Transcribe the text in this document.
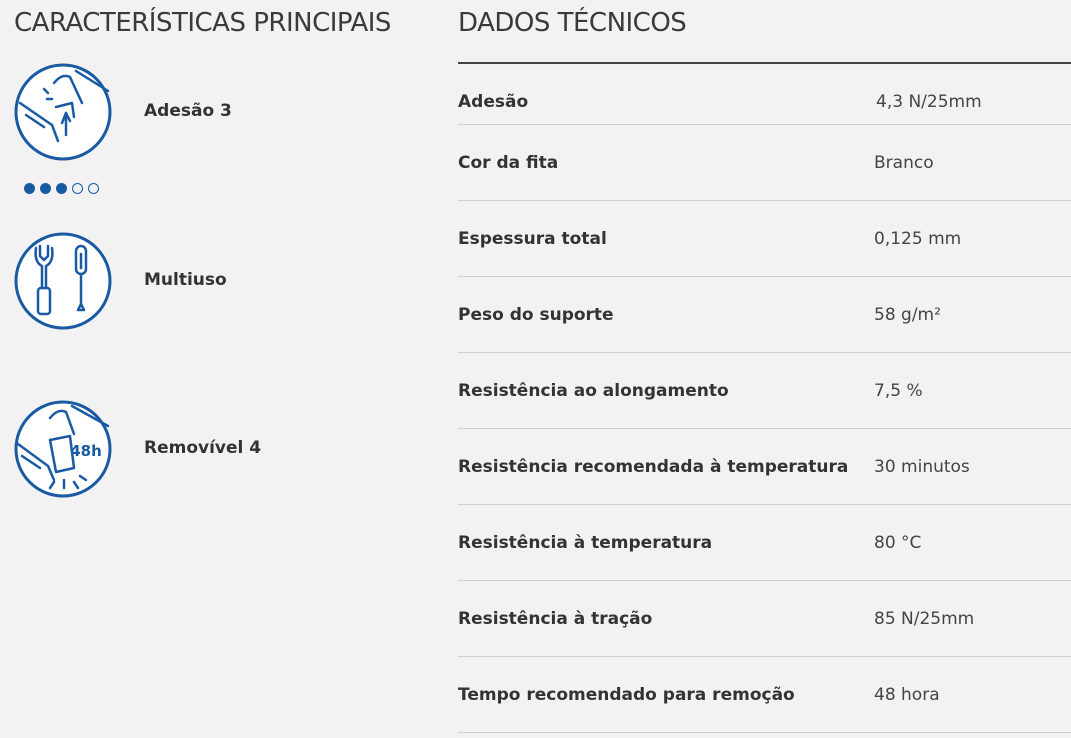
CARACTERÍSTICAS PRINCIPAIS	DADOS TÉCNICOS
Adesão 3
Multiuso
48h Removível 4
Adesão	4,3 N/25mm
Cor da fita	Branco
Espessura total	0,125 mm
Peso do suporte	58 g/m²
Resistência ao alongamento	7,5 %
Resistência recomendada à temperatura 30 minutos
Resistência à temperatura	80 °C
Resistência à tração	85 N/25mm
Tempo recomendado para remoção	48 hora
